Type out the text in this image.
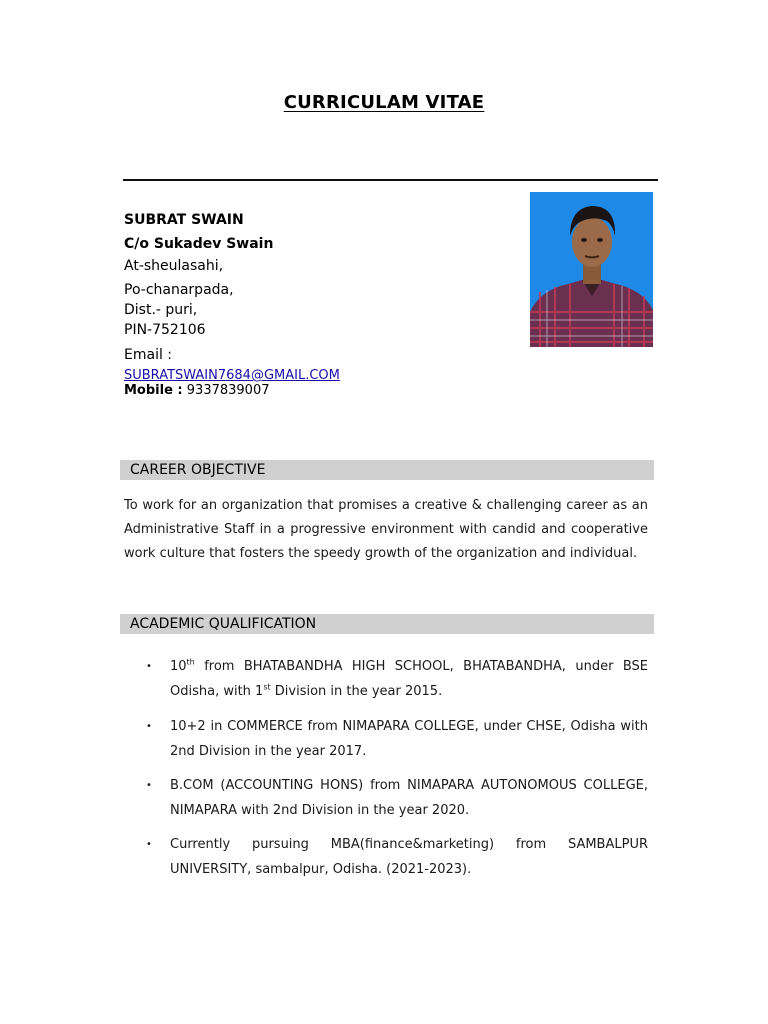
CURRICULAM VITAE
SUBRAT SWAIN
C/o Sukadev Swain
At-sheulasahi,
Po-chanarpada,
Dist.- puri,
PIN-752106
Email :
SUBRATSWAIN7684@GMAIL.COM
Mobile : 9337839007
CAREER OBJECTIVE
To work for an organization that promises a creative & challenging career as an Administrative Staff in a progressive environment with candid and cooperative work culture that fosters the speedy growth of the organization and individual.
ACADEMIC QUALIFICATION
• 10th from BHATABANDHA HIGH SCHOOL, BHATABANDHA, under BSE Odisha, with 1st Division in the year 2015.
• 10+2 in COMMERCE from NIMAPARA COLLEGE, under CHSE, Odisha with 2nd Division in the year 2017.
• B.COM (ACCOUNTING HONS) from NIMAPARA AUTONOMOUS COLLEGE, NIMAPARA with 2nd Division in the year 2020.
• Currently pursuing MBA(finance&marketing) from SAMBALPUR UNIVERSITY, sambalpur, Odisha. (2021-2023).
